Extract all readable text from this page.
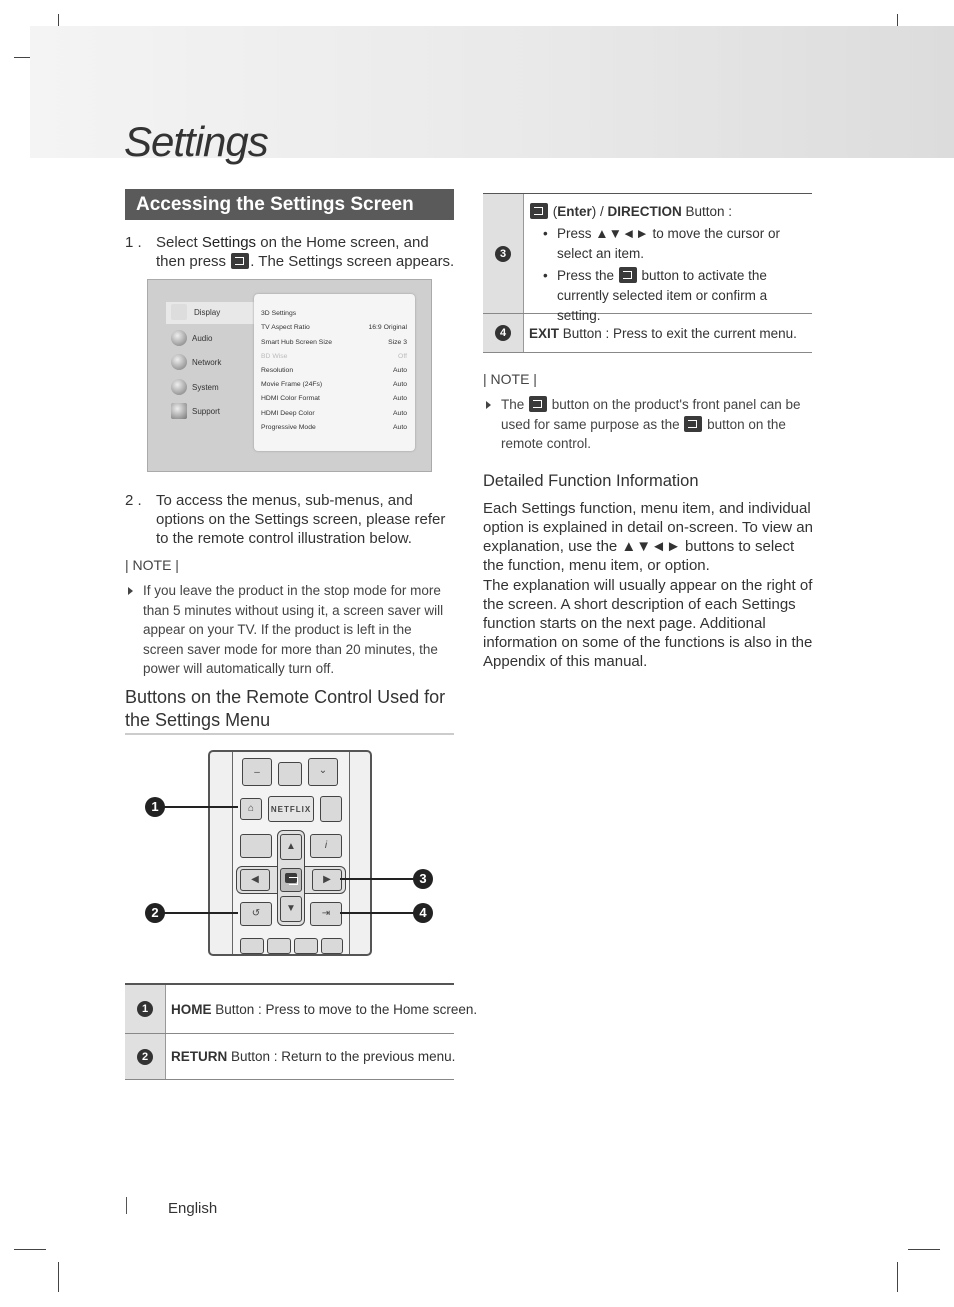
Settings
Accessing the Settings Screen
1 . Select Settings on the Home screen, and then press . The Settings screen appears.
Display
Audio
Network
System
Support
3D Settings
TV Aspect Ratio	16:9 Original
Smart Hub Screen Size	Size 3
BD Wise	Off
Resolution	Auto
Movie Frame (24Fs)	Auto
HDMI Color Format	Auto
HDMI Deep Color	Auto
Progressive Mode	Auto
2 . To access the menus, sub-menus, and options on the Settings screen, please refer to the remote control illustration below.
| NOTE |
If you leave the product in the stop mode for more than 5 minutes without using it, a screen saver will appear on your TV. If the product is left in the screen saver mode for more than 20 minutes, the power will automatically turn off.
Buttons on the Remote Control Used for the Settings Menu
–	⌄
⌂	$_{NETFLIX}$
i
▲
◀	▶
▼
↺	⇥
1
2
3
4
1	HOME Button : Press to move to the Home screen.
2	RETURN Button : Return to the previous menu.
3
(Enter) / DIRECTION Button :
• Press ▲▼◄► to move the cursor or select an item.
• Press the  button to activate the currently selected item or confirm a setting.
4	EXIT Button : Press to exit the current menu.
| NOTE |
The  button on the product's front panel can be used for same purpose as the  button on the remote control.
Detailed Function Information
Each Settings function, menu item, and individual option is explained in detail on-screen. To view an explanation, use the ▲▼◄► buttons to select the function, menu item, or option.
The explanation will usually appear on the right of the screen. A short description of each Settings function starts on the next page. Additional information on some of the functions is also in the Appendix of this manual.
English
